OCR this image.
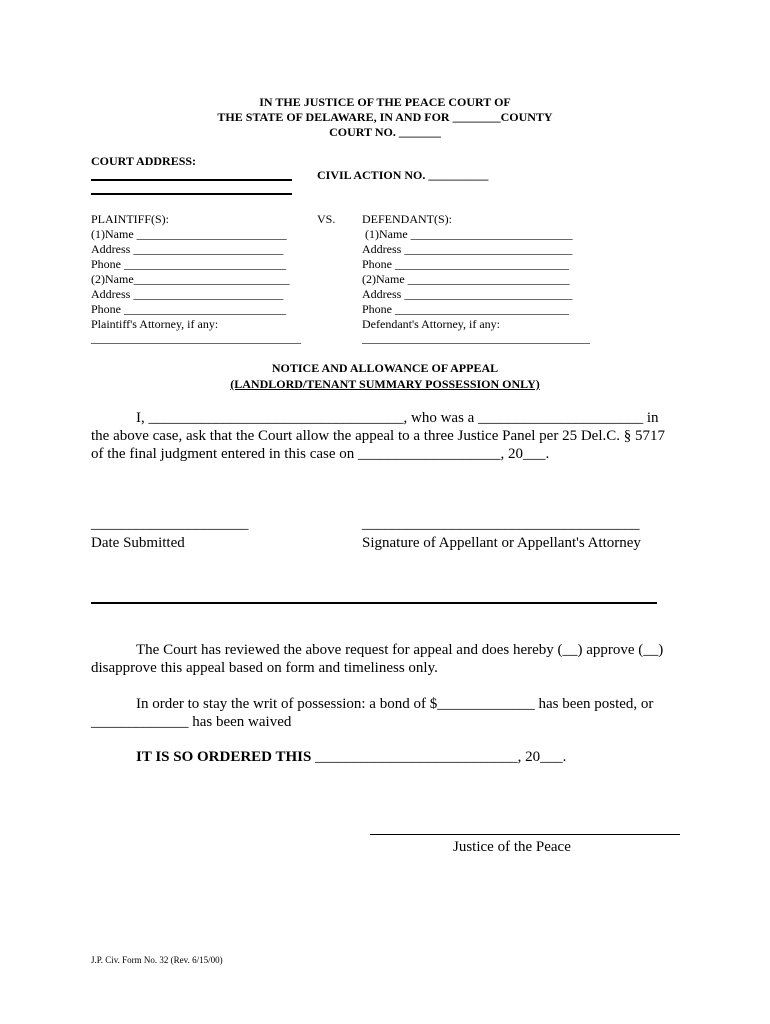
IN THE JUSTICE OF THE PEACE COURT OF
THE STATE OF DELAWARE, IN AND FOR ________COUNTY
COURT NO. _______
COURT ADDRESS:
CIVIL ACTION NO. __________
PLAINTIFF(S):
(1)Name _________________________
Address _________________________
Phone ___________________________
(2)Name__________________________
Address _________________________
Phone ___________________________
Plaintiff's Attorney, if any:
___________________________________
VS. DEFENDANT(S):
(1)Name ___________________________
Address ____________________________
Phone _____________________________
(2)Name ___________________________
Address ____________________________
Phone _____________________________
Defendant's Attorney, if any:
______________________________________
NOTICE AND ALLOWANCE OF APPEAL
(LANDLORD/TENANT SUMMARY POSSESSION ONLY)
I, __________________________________, who was a ______________________ in
the above case, ask that the Court allow the appeal to a three Justice Panel per 25 Del.C. § 5717
of the final judgment entered in this case on ___________________, 20___.
_____________________
Date Submitted
_____________________________________
Signature of Appellant or Appellant's Attorney
The Court has reviewed the above request for appeal and does hereby (__) approve (__)
disapprove this appeal based on form and timeliness only.
In order to stay the writ of possession: a bond of $_____________ has been posted, or
_____________ has been waived
IT IS SO ORDERED THIS ___________________________, 20___.
Justice of the Peace
J.P. Civ. Form No. 32 (Rev. 6/15/00)
